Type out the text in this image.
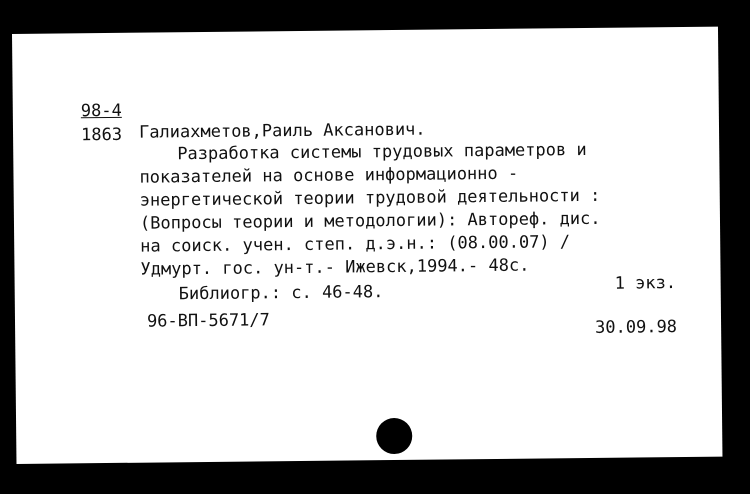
98-4
1863 Галиахметов,Раиль Аксанович.
Разработка системы трудовых параметров и
показателей на основе информационно -
энергетической теории трудовой деятельности :
(Вопросы теории и методологии): Автореф. дис.
на соиск. учен. степ. д.э.н.: (08.00.07) /
Удмурт. гос. ун-т.- Ижевск,1994.- 48с.
1 экз.
Библиогр.: с. 46-48.
96-ВП-5671/7	30.09.98
